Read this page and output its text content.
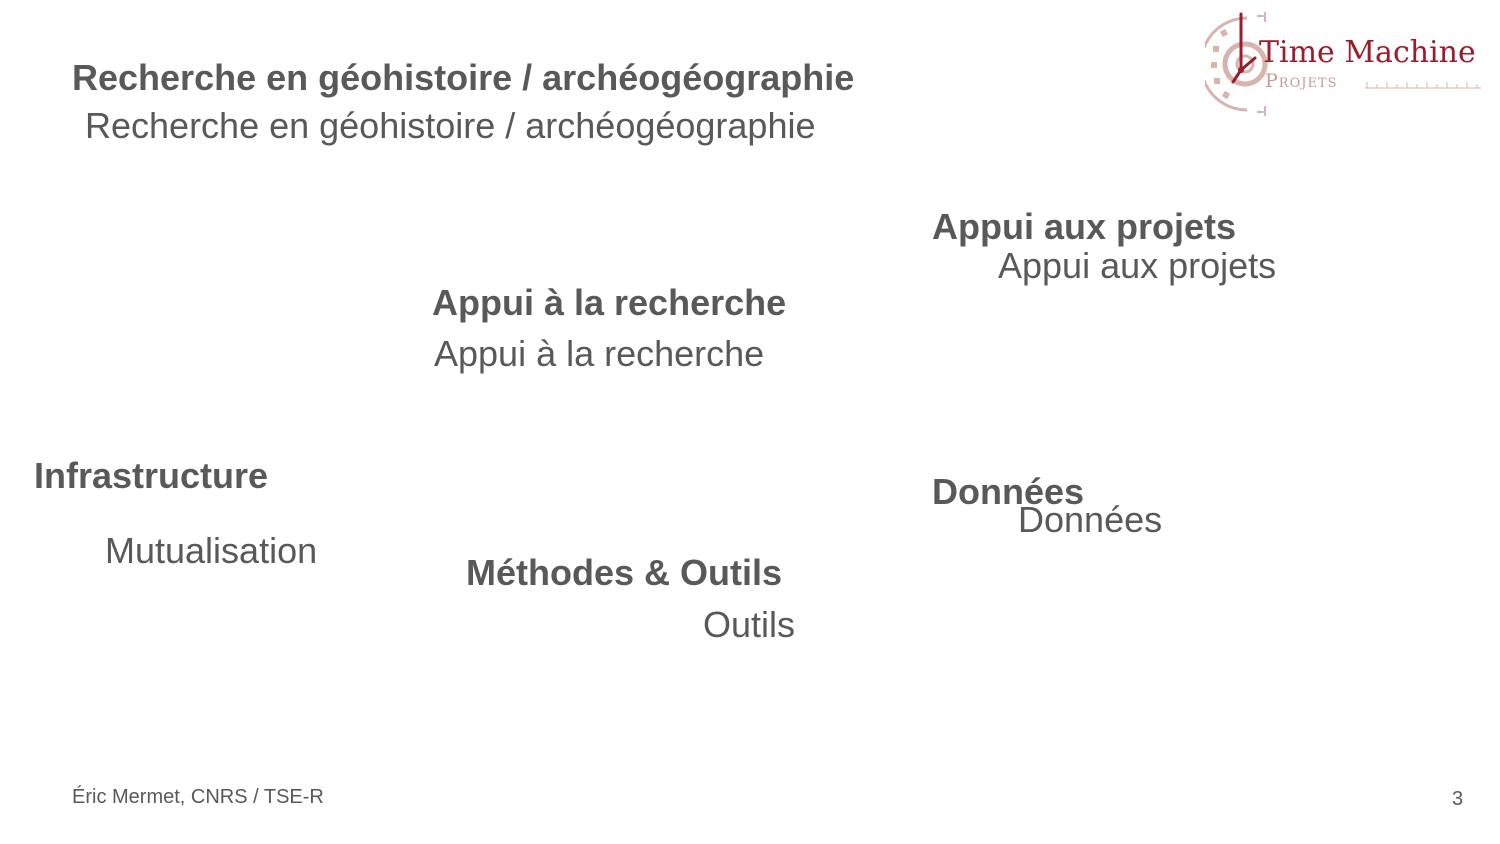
Time Machine
Projets
Recherche en géohistoire / archéogéographie
Recherche en géohistoire / archéogéographie
Appui aux projets
Appui aux projets
Appui à la recherche
Appui à la recherche
Infrastructure
Mutualisation
Données
Données
Méthodes & Outils
Outils
Éric Mermet, CNRS / TSE-R	3
